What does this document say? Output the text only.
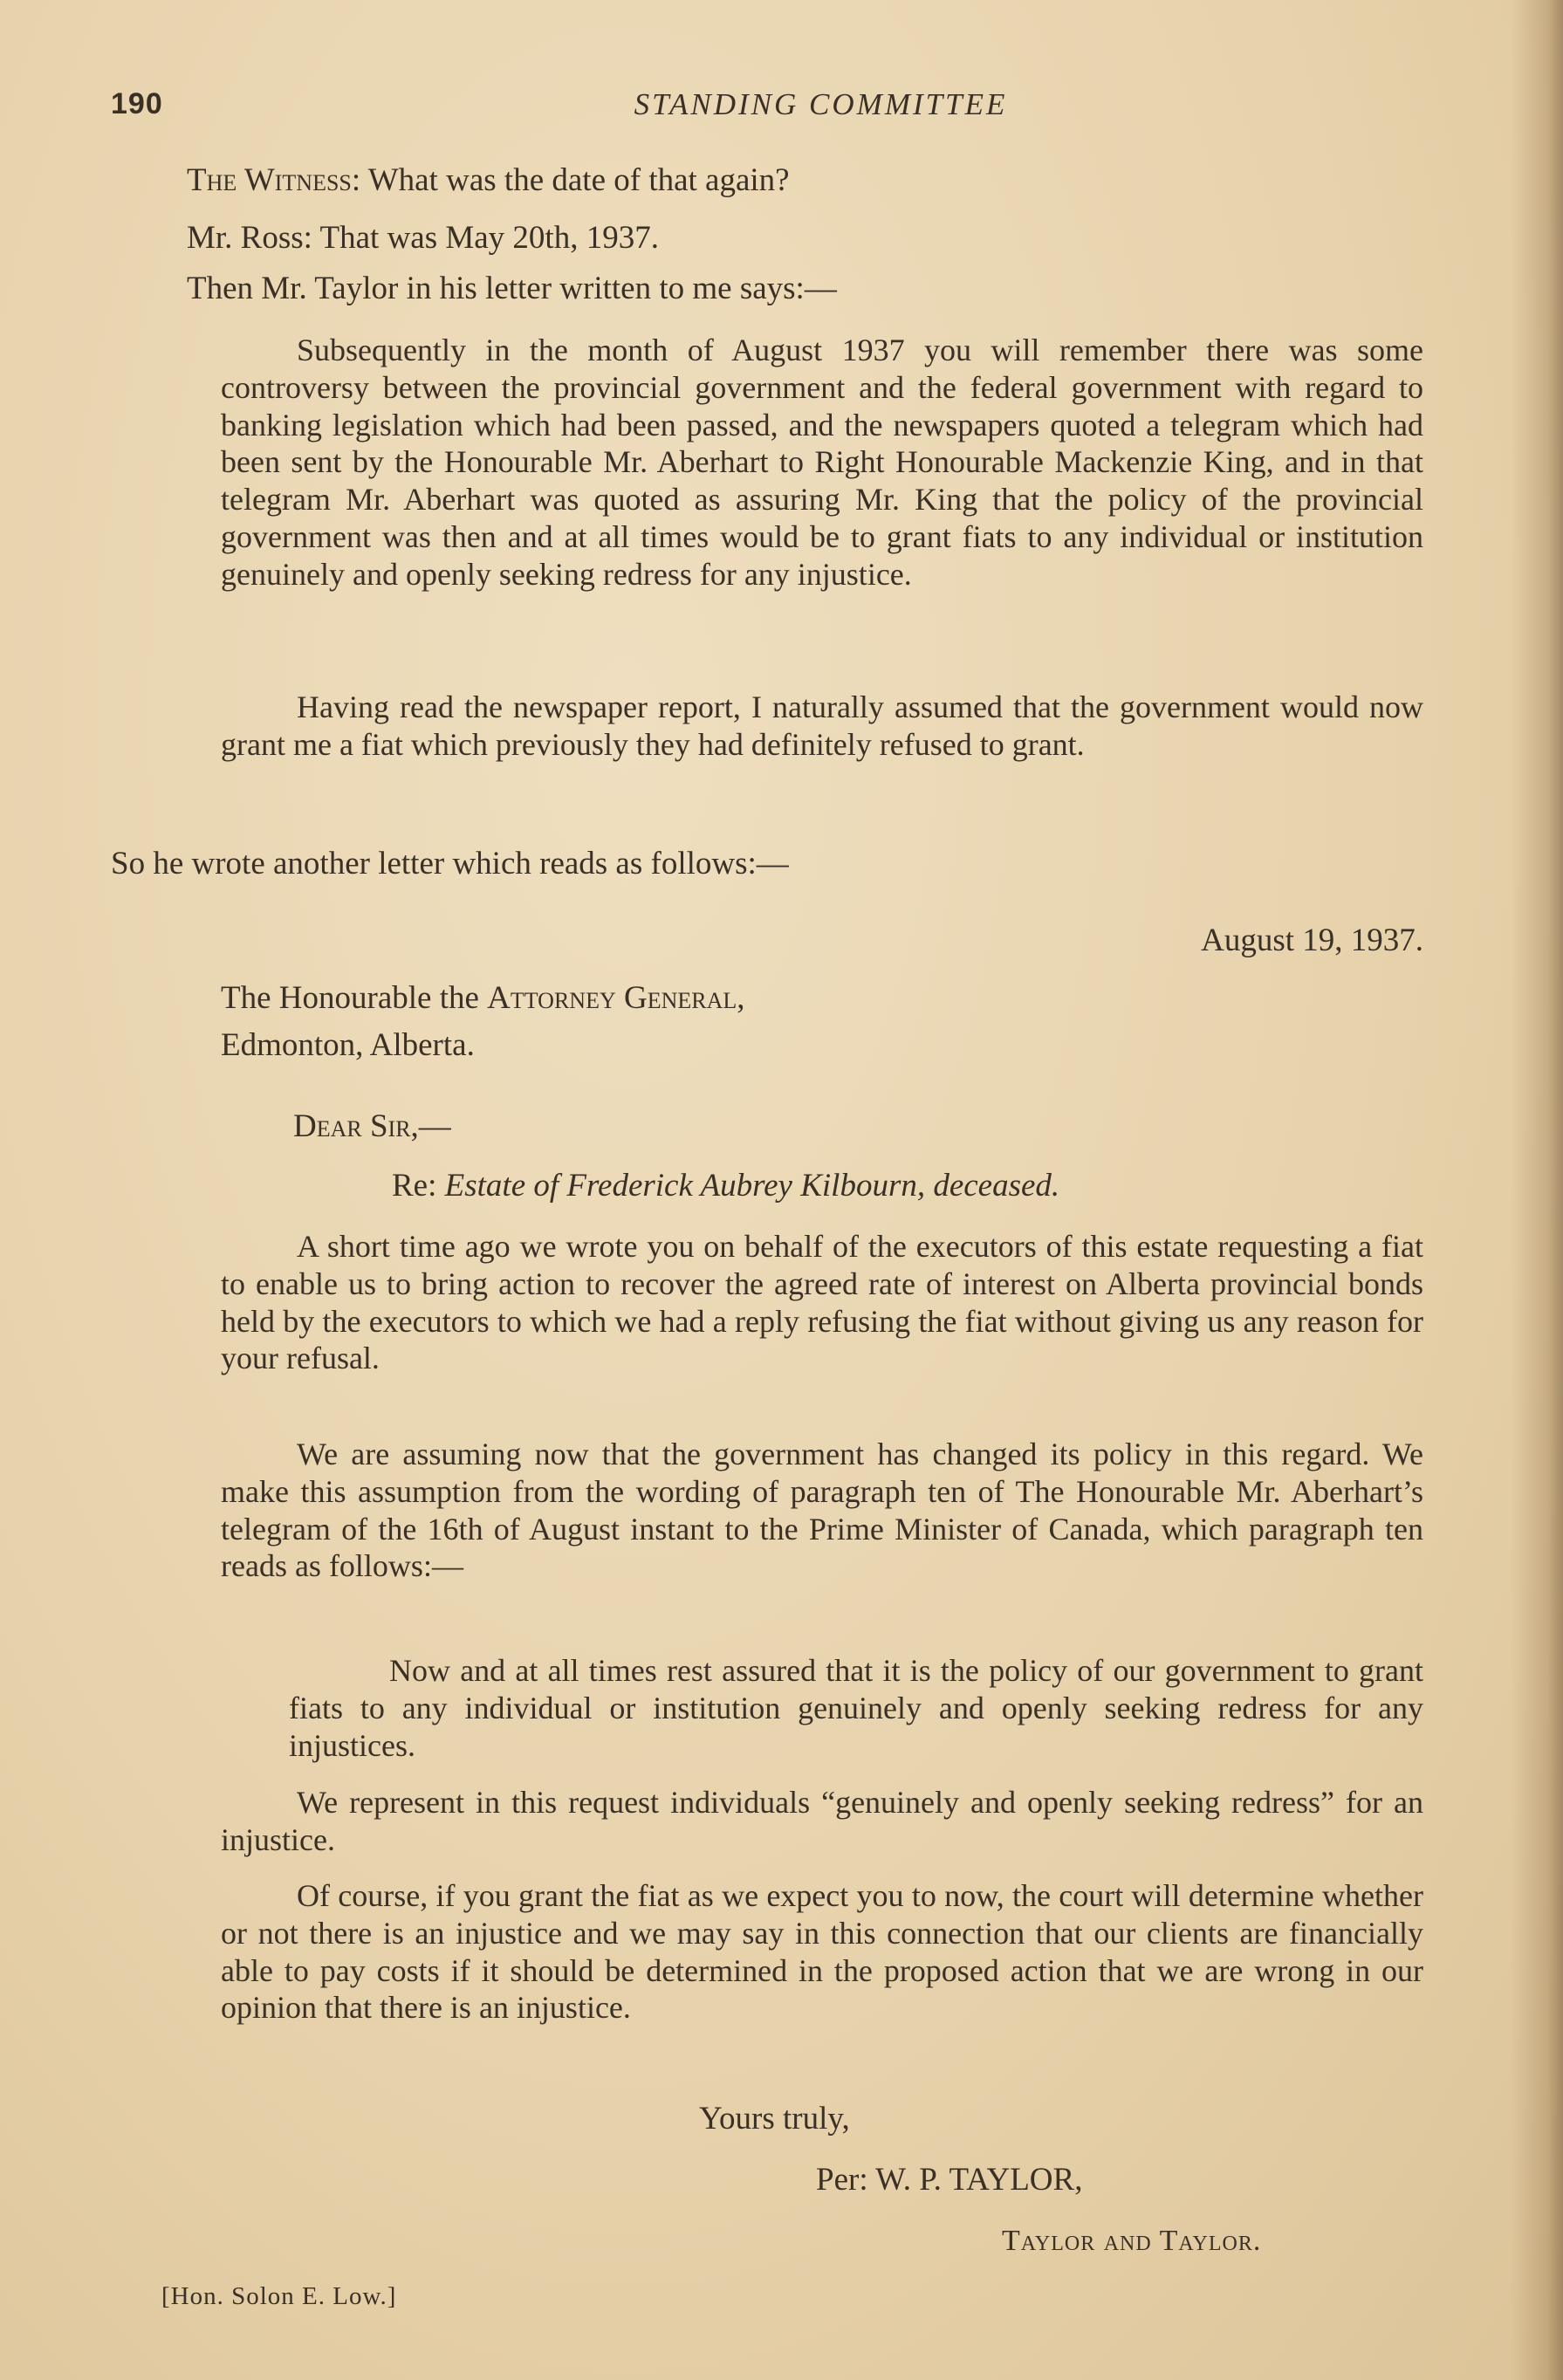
190	STANDING COMMITTEE

The Witness: What was the date of that again?

Mr. Ross: That was May 20th, 1937.

Then Mr. Taylor in his letter written to me says:—

Subsequently in the month of August 1937 you will remember there was some controversy between the provincial government and the federal government with regard to banking legislation which had been passed, and the newspapers quoted a telegram which had been sent by the Honourable Mr. Aberhart to Right Honourable Mackenzie King, and in that telegram Mr. Aberhart was quoted as assuring Mr. King that the policy of the provincial government was then and at all times would be to grant fiats to any individual or institution genuinely and openly seeking redress for any injustice.

Having read the newspaper report, I naturally assumed that the government would now grant me a fiat which previously they had definitely refused to grant.

So he wrote another letter which reads as follows:—

August 19, 1937.

The Honourable the Attorney General,

Edmonton, Alberta.

Dear Sir,—

Re: Estate of Frederick Aubrey Kilbourn, deceased.

A short time ago we wrote you on behalf of the executors of this estate requesting a fiat to enable us to bring action to recover the agreed rate of interest on Alberta provincial bonds held by the executors to which we had a reply refusing the fiat without giving us any reason for your refusal.

We are assuming now that the government has changed its policy in this regard. We make this assumption from the wording of paragraph ten of The Honourable Mr. Aberhart’s telegram of the 16th of August instant to the Prime Minister of Canada, which paragraph ten reads as follows:—

Now and at all times rest assured that it is the policy of our government to grant fiats to any individual or institution genuinely and openly seeking redress for any injustices.

We represent in this request individuals “genuinely and openly seeking redress” for an injustice.

Of course, if you grant the fiat as we expect you to now, the court will determine whether or not there is an injustice and we may say in this connection that our clients are financially able to pay costs if it should be determined in the proposed action that we are wrong in our opinion that there is an injustice.

Yours truly,

Per: W. P. TAYLOR,

Taylor and Taylor.

[Hon. Solon E. Low.]
